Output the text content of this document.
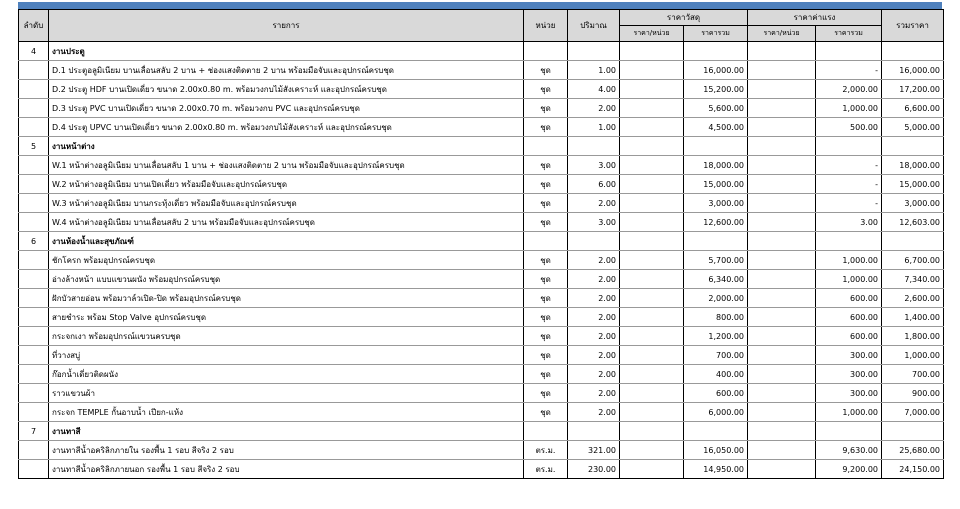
ลำดับ	รายการ	หน่วย	ปริมาณ	ราคาวัสดุ		ราคาค่าแรง		รวมราคา
				ราคา/หน่วย	ราคารวม	ราคา/หน่วย	ราคารวม	
4	งานประตู							
	D.1 ประตูอลูมิเนียม บานเลื่อนสลับ 2 บาน + ช่องแสงติดตาย 2 บาน พร้อมมือจับและอุปกรณ์ครบชุด	ชุด	1.00		16,000.00		-	16,000.00
	D.2 ประตู HDF บานเปิดเดี่ยว ขนาด 2.00x0.80 m. พร้อมวงกบไม้สังเคราะห์ และอุปกรณ์ครบชุด	ชุด	4.00		15,200.00		2,000.00	17,200.00
	D.3 ประตู PVC บานเปิดเดี่ยว ขนาด 2.00x0.70 m. พร้อมวงกบ PVC และอุปกรณ์ครบชุด	ชุด	2.00		5,600.00		1,000.00	6,600.00
	D.4 ประตู UPVC บานเปิดเดี่ยว ขนาด 2.00x0.80 m. พร้อมวงกบไม้สังเคราะห์ และอุปกรณ์ครบชุด	ชุด	1.00		4,500.00		500.00	5,000.00
5	งานหน้าต่าง							
	W.1 หน้าต่างอลูมิเนียม บานเลื่อนสลับ 1 บาน + ช่องแสงติดตาย 2 บาน พร้อมมือจับและอุปกรณ์ครบชุด	ชุด	3.00		18,000.00		-	18,000.00
	W.2 หน้าต่างอลูมิเนียม บานเปิดเดี่ยว พร้อมมือจับและอุปกรณ์ครบชุด	ชุด	6.00		15,000.00		-	15,000.00
	W.3 หน้าต่างอลูมิเนียม บานกระทุ้งเดี่ยว พร้อมมือจับและอุปกรณ์ครบชุด	ชุด	2.00		3,000.00		-	3,000.00
	W.4 หน้าต่างอลูมิเนียม บานเลื่อนสลับ 2 บาน พร้อมมือจับและอุปกรณ์ครบชุด	ชุด	3.00		12,600.00		3.00	12,603.00
6	งานห้องน้ำและสุขภัณฑ์							
	ชักโครก พร้อมอุปกรณ์ครบชุด	ชุด	2.00		5,700.00		1,000.00	6,700.00
	อ่างล้างหน้า แบบแขวนผนัง พร้อมอุปกรณ์ครบชุด	ชุด	2.00		6,340.00		1,000.00	7,340.00
	ฝักบัวสายอ่อน พร้อมวาล์วเปิด-ปิด พร้อมอุปกรณ์ครบชุด	ชุด	2.00		2,000.00		600.00	2,600.00
	สายชำระ พร้อม Stop Valve อุปกรณ์ครบชุด	ชุด	2.00		800.00		600.00	1,400.00
	กระจกเงา พร้อมอุปกรณ์แขวนครบชุด	ชุด	2.00		1,200.00		600.00	1,800.00
	ที่วางสบู่	ชุด	2.00		700.00		300.00	1,000.00
	ก๊อกน้ำเดี่ยวติดผนัง	ชุด	2.00		400.00		300.00	700.00
	ราวแขวนผ้า	ชุด	2.00		600.00		300.00	900.00
	กระจก TEMPLE กั้นอาบน้ำ เปียก-แห้ง	ชุด	2.00		6,000.00		1,000.00	7,000.00
7	งานทาสี							
	งานทาสีน้ำอคริลิกภายใน รองพื้น 1 รอบ สีจริง 2 รอบ	ตร.ม.	321.00		16,050.00		9,630.00	25,680.00
	งานทาสีน้ำอคริลิกภายนอก รองพื้น 1 รอบ สีจริง 2 รอบ	ตร.ม.	230.00		14,950.00		9,200.00	24,150.00
